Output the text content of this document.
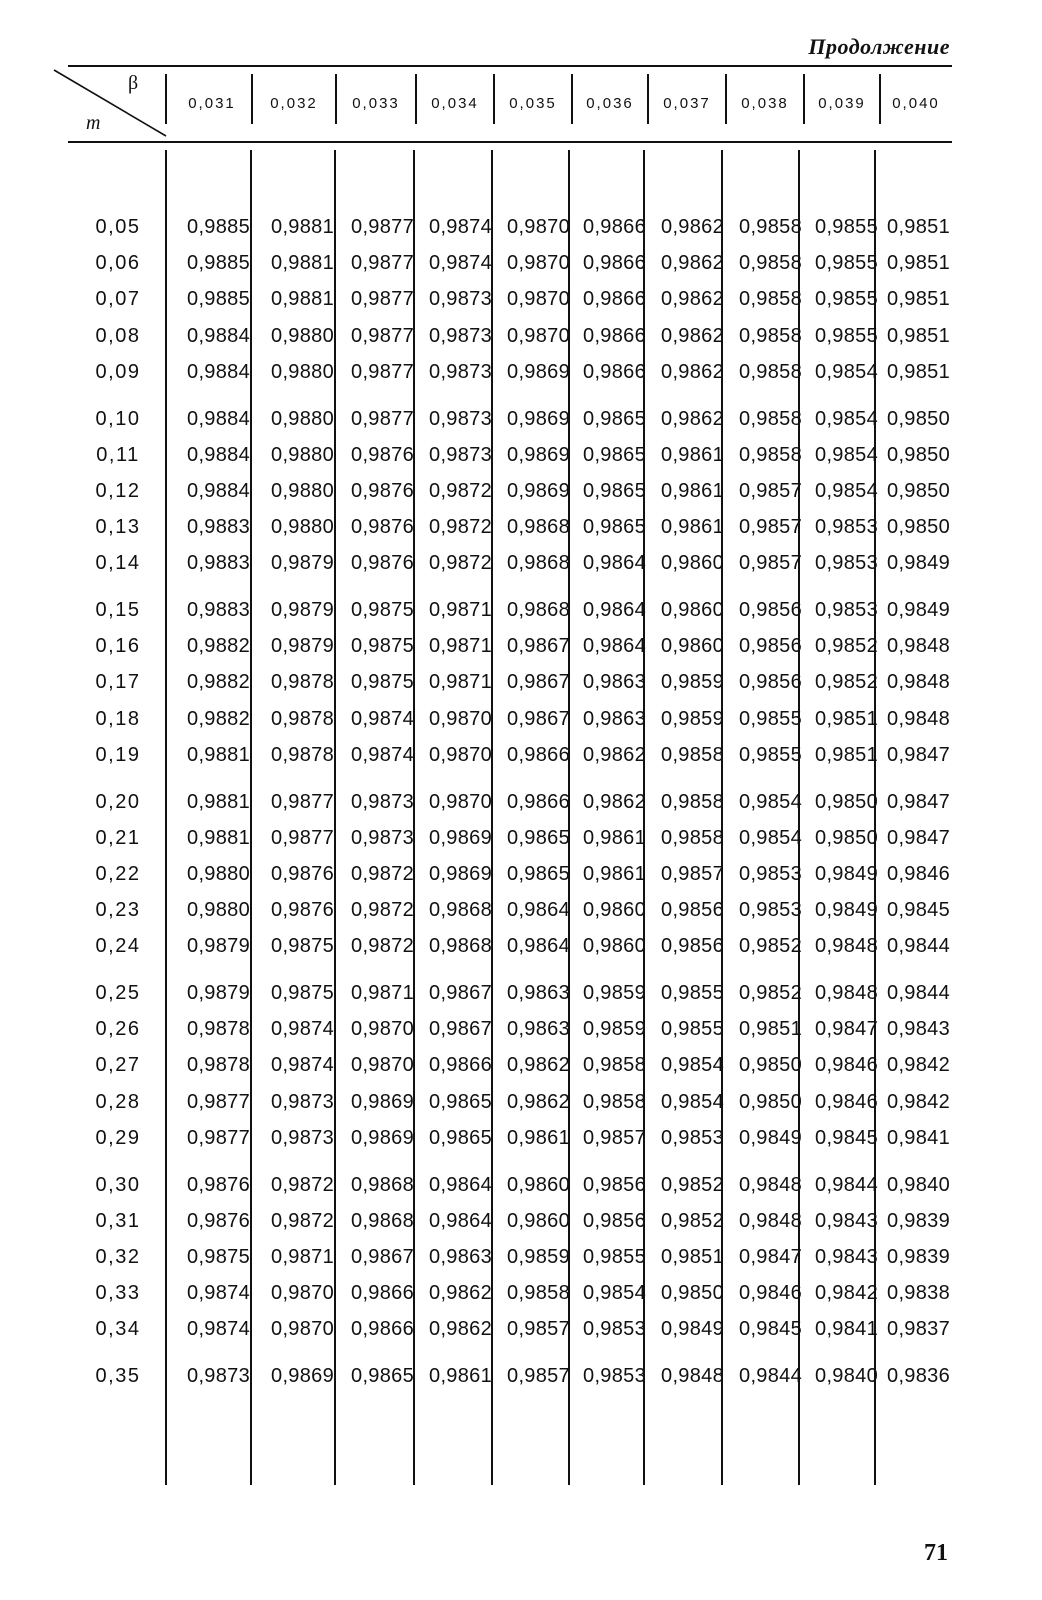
Продолжение
β
m
0,031	0,032	0,033	0,034	0,035	0,036	0,037	0,038	0,039	0,040
0,05	0,9885	0,9881 0,9877 0,9874 0,9870 0,9866 0,9862 0,9858 0,9855 0,9851
0,06	0,9885	0,9881 0,9877 0,9874 0,9870 0,9866 0,9862 0,9858 0,9855 0,9851
0,07	0,9885	0,9881 0,9877 0,9873 0,9870 0,9866 0,9862 0,9858 0,9855 0,9851
0,08	0,9884	0,9880 0,9877 0,9873 0,9870 0,9866 0,9862 0,9858 0,9855 0,9851
0,09	0,9884	0,9880 0,9877 0,9873 0,9869 0,9866 0,9862 0,9858 0,9854 0,9851
0,10	0,9884	0,9880 0,9877 0,9873 0,9869 0,9865 0,9862 0,9858 0,9854 0,9850
0,11	0,9884	0,9880 0,9876 0,9873 0,9869 0,9865 0,9861 0,9858 0,9854 0,9850
0,12	0,9884	0,9880 0,9876 0,9872 0,9869 0,9865 0,9861 0,9857 0,9854 0,9850
0,13	0,9883	0,9880 0,9876 0,9872 0,9868 0,9865 0,9861 0,9857 0,9853 0,9850
0,14	0,9883	0,9879 0,9876 0,9872 0,9868 0,9864 0,9860 0,9857 0,9853 0,9849
0,15	0,9883	0,9879 0,9875 0,9871 0,9868 0,9864 0,9860 0,9856 0,9853 0,9849
0,16	0,9882	0,9879 0,9875 0,9871 0,9867 0,9864 0,9860 0,9856 0,9852 0,9848
0,17	0,9882	0,9878 0,9875 0,9871 0,9867 0,9863 0,9859 0,9856 0,9852 0,9848
0,18	0,9882	0,9878 0,9874 0,9870 0,9867 0,9863 0,9859 0,9855 0,9851 0,9848
0,19	0,9881	0,9878 0,9874 0,9870 0,9866 0,9862 0,9858 0,9855 0,9851 0,9847
0,20	0,9881	0,9877 0,9873 0,9870 0,9866 0,9862 0,9858 0,9854 0,9850 0,9847
0,21	0,9881	0,9877 0,9873 0,9869 0,9865 0,9861 0,9858 0,9854 0,9850 0,9847
0,22	0,9880	0,9876 0,9872 0,9869 0,9865 0,9861 0,9857 0,9853 0,9849 0,9846
0,23	0,9880	0,9876 0,9872 0,9868 0,9864 0,9860 0,9856 0,9853 0,9849 0,9845
0,24	0,9879	0,9875 0,9872 0,9868 0,9864 0,9860 0,9856 0,9852 0,9848 0,9844
0,25	0,9879	0,9875 0,9871 0,9867 0,9863 0,9859 0,9855 0,9852 0,9848 0,9844
0,26	0,9878	0,9874 0,9870 0,9867 0,9863 0,9859 0,9855 0,9851 0,9847 0,9843
0,27	0,9878	0,9874 0,9870 0,9866 0,9862 0,9858 0,9854 0,9850 0,9846 0,9842
0,28	0,9877	0,9873 0,9869 0,9865 0,9862 0,9858 0,9854 0,9850 0,9846 0,9842
0,29	0,9877	0,9873 0,9869 0,9865 0,9861 0,9857 0,9853 0,9849 0,9845 0,9841
0,30	0,9876	0,9872 0,9868 0,9864 0,9860 0,9856 0,9852 0,9848 0,9844 0,9840
0,31	0,9876	0,9872 0,9868 0,9864 0,9860 0,9856 0,9852 0,9848 0,9843 0,9839
0,32	0,9875	0,9871 0,9867 0,9863 0,9859 0,9855 0,9851 0,9847 0,9843 0,9839
0,33	0,9874	0,9870 0,9866 0,9862 0,9858 0,9854 0,9850 0,9846 0,9842 0,9838
0,34	0,9874	0,9870 0,9866 0,9862 0,9857 0,9853 0,9849 0,9845 0,9841 0,9837
0,35	0,9873	0,9869 0,9865 0,9861 0,9857 0,9853 0,9848 0,9844 0,9840 0,9836
71
